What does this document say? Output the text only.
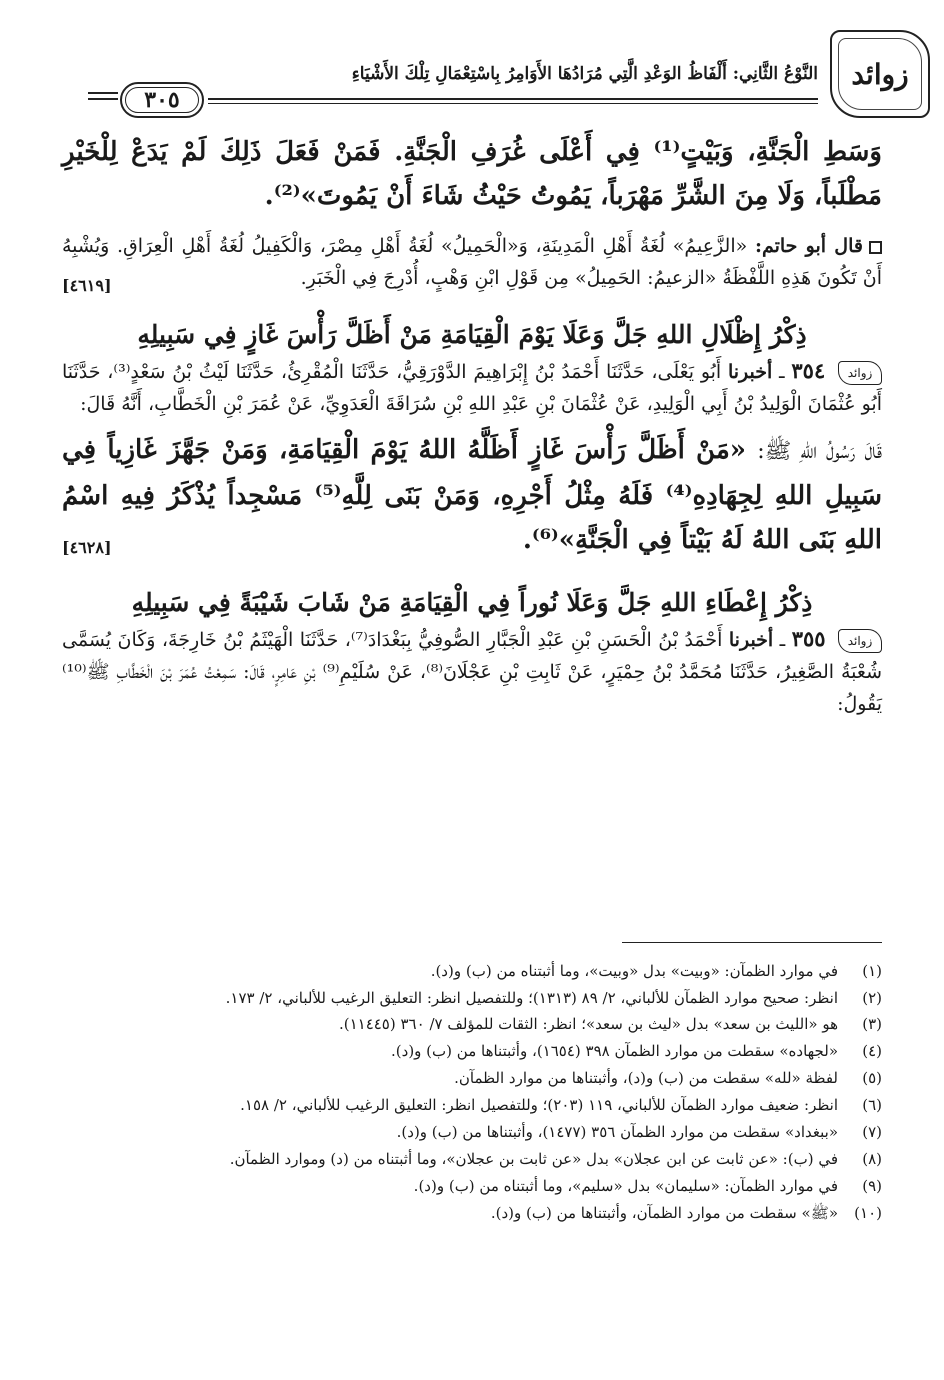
زوائد
النَّوْعُ الثَّانِي: أَلْفَاظُ الوَعْدِ الَّتِي مُرَادُهَا الأَوَامِرُ بِاسْتِعْمَالِ تِلْكَ الأَشْيَاءِ
٣٠٥

وَسَطِ الْجَنَّةِ، وَبَيْتٍ⁽¹⁾ فِي أَعْلَى غُرَفِ الْجَنَّةِ. فَمَنْ فَعَلَ ذَلِكَ لَمْ يَدَعْ لِلْخَيْرِ مَطْلَباً، وَلَا مِنَ الشَّرِّ مَهْرَباً، يَمُوتُ حَيْثُ شَاءَ أَنْ يَمُوتَ»⁽²⁾.

قال أبو حاتم: «الزَّعِيمُ» لُغَةُ أَهْلِ الْمَدِينَةِ، وَ«الْحَمِيلُ» لُغَةُ أَهْلِ مِصْرَ، وَالْكَفِيلُ لُغَةُ أَهْلِ الْعِرَاقِ. وَيُشْبِهُ أَنْ تَكُونَ هَذِهِ اللَّفْظَةُ «الزعيمُ: الحَمِيلُ» مِن قَوْلِ ابْنِ وَهْبٍ، أُدْرِجَ فِي الْخَبَرِ.
[٤٦١٩]

ذِكْرُ إِظْلَالِ اللهِ جَلَّ وَعَلَا يَوْمَ الْقِيَامَةِ مَنْ أَظَلَّ رَأْسَ غَازٍ فِي سَبِيلِهِ

زوائد ٣٥٤ ـ أخبرنا أَبُو يَعْلَى، حَدَّثَنَا أَحْمَدُ بْنُ إِبْرَاهِيمَ الدَّوْرَقِيُّ، حَدَّثَنَا الْمُقْرِئُ، حَدَّثَنَا لَيْثُ بْنُ سَعْدٍ⁽³⁾، حَدَّثَنَا أَبُو عُثْمَانَ الْوَلِيدُ بْنُ أَبِي الْوَلِيدِ، عَنْ عُثْمَانَ بْنِ عَبْدِ اللهِ بْنِ سُرَاقَةَ الْعَدَوِيِّ، عَنْ عُمَرَ بْنِ الْخَطَّابِ، أَنَّهُ قَالَ:

قَالَ رَسُولُ اللهِ ﷺ: «مَنْ أَظَلَّ رَأْسَ غَازٍ أَظَلَّهُ اللهُ يَوْمَ الْقِيَامَةِ، وَمَنْ جَهَّزَ غَازِياً فِي سَبِيلِ اللهِ لِجِهَادِهِ⁽⁴⁾ فَلَهُ مِثْلُ أَجْرِهِ، وَمَنْ بَنَى لِلَّهِ⁽⁵⁾ مَسْجِداً يُذْكَرُ فِيهِ اسْمُ اللهِ بَنَى اللهُ لَهُ بَيْتاً فِي الْجَنَّةِ»⁽⁶⁾.
[٤٦٢٨]

ذِكْرُ إِعْطَاءِ اللهِ جَلَّ وَعَلَا نُوراً فِي الْقِيَامَةِ مَنْ شَابَ شَيْبَةً فِي سَبِيلِهِ

زوائد ٣٥٥ ـ أخبرنا أَحْمَدُ بْنُ الْحَسَنِ بْنِ عَبْدِ الْجَبَّارِ الصُّوفِيُّ بِبَغْدَادَ⁽⁷⁾، حَدَّثَنَا الْهَيْثَمُ بْنُ خَارِجَةَ، وَكَانَ يُسَمَّى شُعْبَةُ الصَّغِيرُ، حَدَّثَنَا مُحَمَّدُ بْنُ حِمْيَرٍ، عَنْ ثَابِتِ بْنِ عَجْلَانَ⁽⁸⁾، عَنْ سُلَيْمِ⁽⁹⁾ بْنِ عَامِرٍ، قَالَ: سَمِعْتُ عُمَرَ بْنَ الْخَطَّابِ ﷺ⁽¹⁰⁾ يَقُولُ:

(١)
في موارد الظمآن: «وبيت» بدل «وبيت»، وما أثبتناه من (ب) و(د).
(٢)
انظر: صحيح موارد الظمآن للألباني، ٢/ ٨٩ (١٣١٣)؛ وللتفصيل انظر: التعليق الرغيب للألباني، ٢/ ١٧٣.
(٣)
هو «الليث بن سعد» بدل «ليث بن سعد»؛ انظر: الثقات للمؤلف ٧/ ٣٦٠ (١١٤٤٥).
(٤)
«لجهاده» سقطت من موارد الظمآن ٣٩٨ (١٦٥٤)، وأثبتناها من (ب) و(د).
(٥)
لفظة «لله» سقطت من (ب) و(د)، وأثبتناها من موارد الظمآن.
(٦)
انظر: ضعيف موارد الظمآن للألباني، ١١٩ (٢٠٣)؛ وللتفصيل انظر: التعليق الرغيب للألباني، ٢/ ١٥٨.
(٧)
«ببغداد» سقطت من موارد الظمآن ٣٥٦ (١٤٧٧)، وأثبتناها من (ب) و(د).
(٨)
في (ب): «عن ثابت عن ابن عجلان» بدل «عن ثابت بن عجلان»، وما أثبتناه من (د) وموارد الظمآن.
(٩)
في موارد الظمآن: «سليمان» بدل «سليم»، وما أثبتناه من (ب) و(د).
(١٠)
«ﷺ» سقطت من موارد الظمآن، وأثبتناها من (ب) و(د).
